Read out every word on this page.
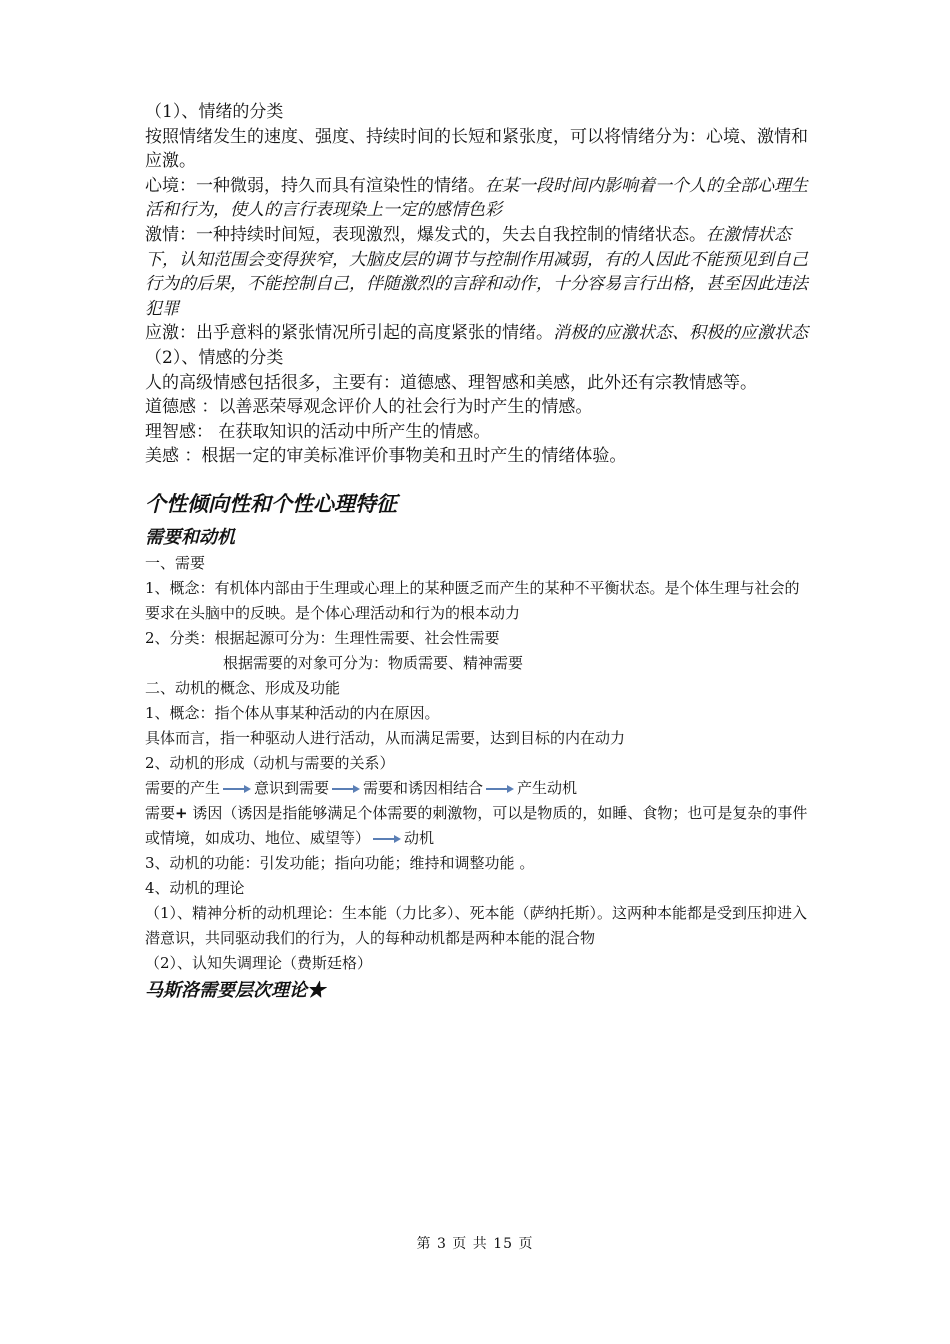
（1）、情绪的分类

按照情绪发生的速度、强度、持续时间的长短和紧张度，可以将情绪分为：心境、激情和应激。

心境：一种微弱，持久而具有渲染性的情绪。在某一段时间内影响着一个人的全部心理生活和行为，使人的言行表现染上一定的感情色彩

激情：一种持续时间短，表现激烈，爆发式的，失去自我控制的情绪状态。在激情状态下，认知范围会变得狭窄，大脑皮层的调节与控制作用减弱，有的人因此不能预见到自己行为的后果，不能控制自己，伴随激烈的言辞和动作，十分容易言行出格，甚至因此违法犯罪

应激：出乎意料的紧张情况所引起的高度紧张的情绪。消极的应激状态、积极的应激状态

（2）、情感的分类

人的高级情感包括很多，主要有：道德感、理智感和美感，此外还有宗教情感等。

道德感 ：以善恶荣辱观念评价人的社会行为时产生的情感。

理智感： 在获取知识的活动中所产生的情感。

美感 ：根据一定的审美标准评价事物美和丑时产生的情绪体验。

个性倾向性和个性心理特征
需要和动机

一、需要

1、概念：有机体内部由于生理或心理上的某种匮乏而产生的某种不平衡状态。是个体生理与社会的要求在头脑中的反映。是个体心理活动和行为的根本动力

2、分类：根据起源可分为：生理性需要、社会性需要

根据需要的对象可分为：物质需要、精神需要

二、动机的概念、形成及功能

1、概念：指个体从事某种活动的内在原因。

具体而言，指一种驱动人进行活动，从而满足需要，达到目标的内在动力

2、动机的形成（动机与需要的关系）

需要的产生 意识到需要 需要和诱因相结合 产生动机

需要+ 诱因（诱因是指能够满足个体需要的刺激物，可以是物质的，如睡、食物；也可是复杂的事件或情境，如成功、地位、威望等） 动机

3、动机的功能：引发功能；指向功能；维持和调整功能 。

4、动机的理论

（1）、精神分析的动机理论：生本能（力比多）、死本能（萨纳托斯）。这两种本能都是受到压抑进入潜意识，共同驱动我们的行为，人的每种动机都是两种本能的混合物

（2）、认知失调理论（费斯廷格）

马斯洛需要层次理论★
第 3 页 共 15 页
